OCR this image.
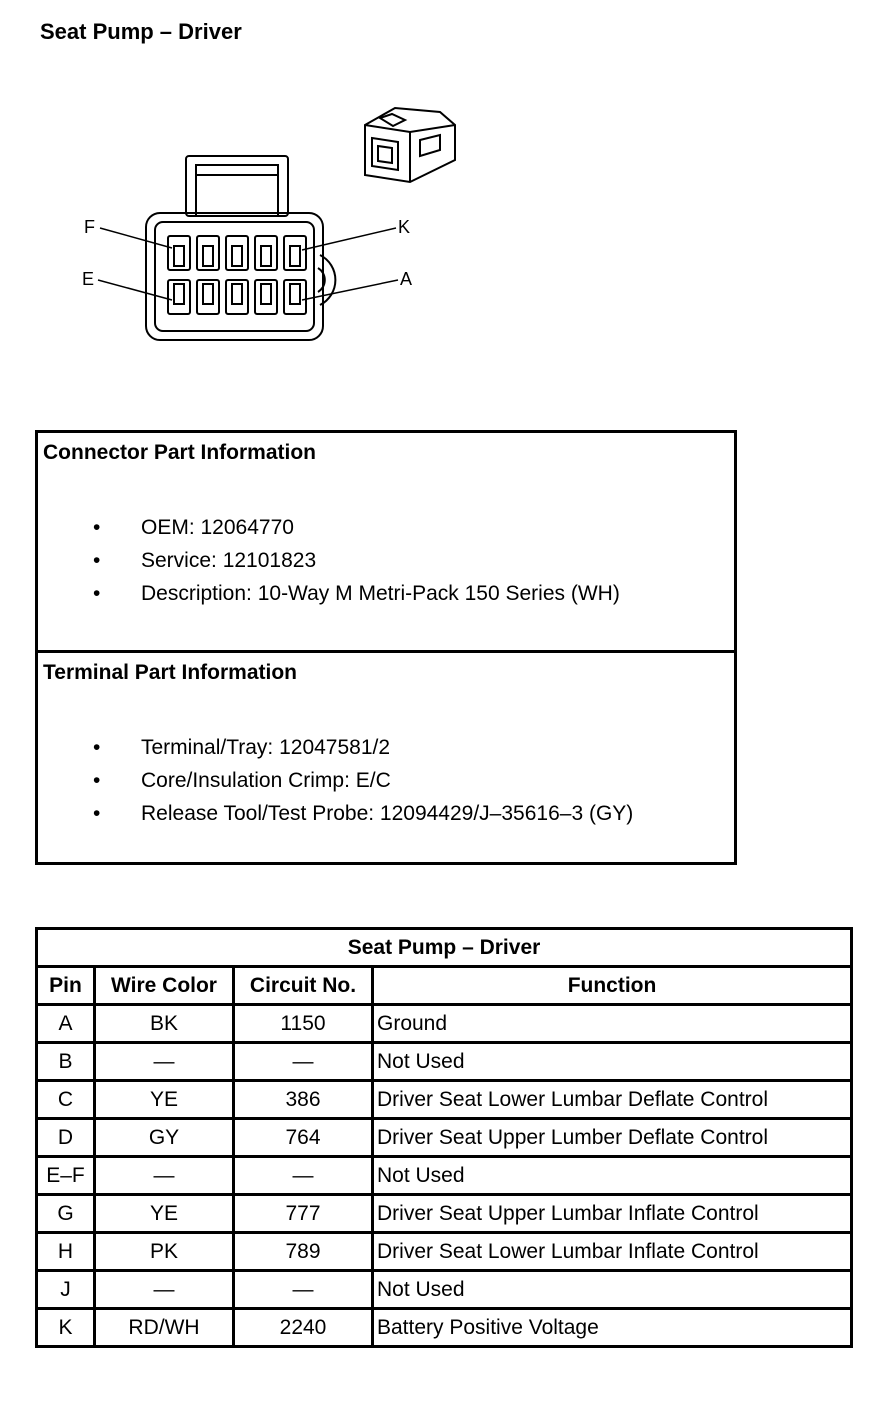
Seat Pump – Driver
F
E
K
A
Connector Part Information
• OEM: 12064770
• Service: 12101823
• Description: 10-Way M Metri-Pack 150 Series (WH)
Terminal Part Information
• Terminal/Tray: 12047581/2
• Core/Insulation Crimp: E/C
• Release Tool/Test Probe: 12094429/J–35616–3 (GY)
Seat Pump – Driver			
Pin	Wire Color	Circuit No.	Function
A	BK	1150	Ground
B	—	—	Not Used
C	YE	386	Driver Seat Lower Lumbar Deflate Control
D	GY	764	Driver Seat Upper Lumber Deflate Control
E–F	—	—	Not Used
G	YE	777	Driver Seat Upper Lumbar Inflate Control
H	PK	789	Driver Seat Lower Lumbar Inflate Control
J	—	—	Not Used
K	RD/WH	2240	Battery Positive Voltage
